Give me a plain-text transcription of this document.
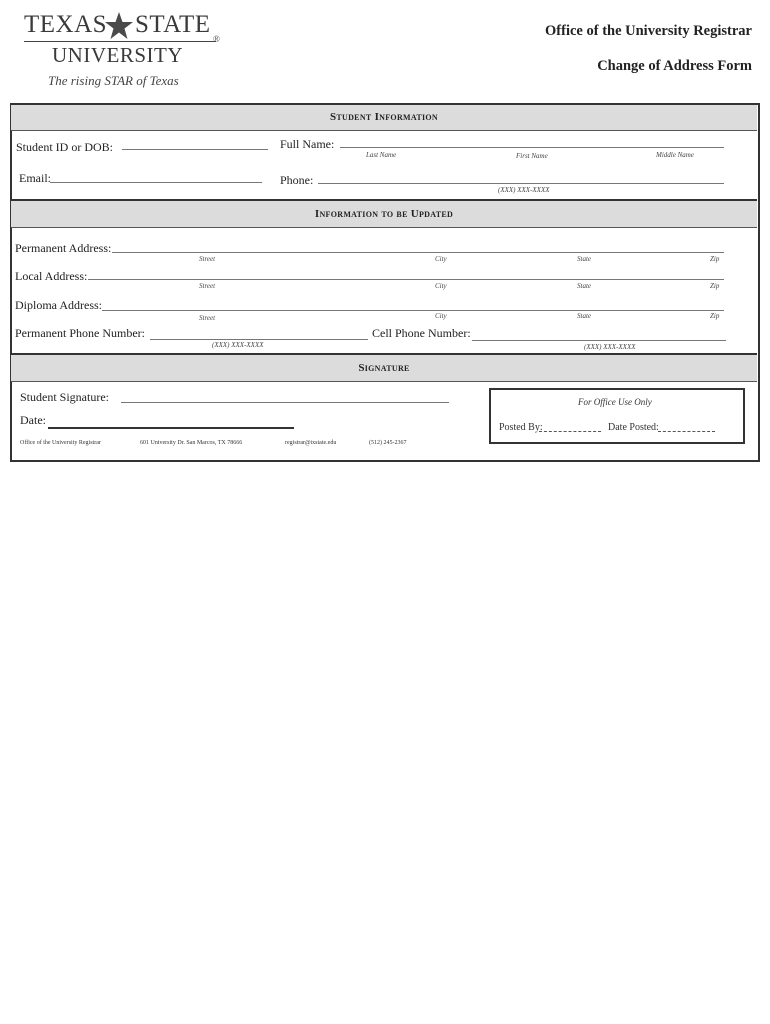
TEXAS STATE
®
UNIVERSITY
The rising STAR of Texas
Office of the University Registrar
Change of Address Form
Student Information
Student ID or DOB:	Full Name:
Last Name	First Name	Middle Name
Email:	Phone:
(XXX) XXX-XXXX
Information to be Updated
Permanent Address:
Street	City	State	Zip
Local Address:
Street	City	State	Zip
Diploma Address:
Street	City	State	Zip
Permanent Phone Number:
(XXX) XXX-XXXX
Cell Phone Number:
(XXX) XXX-XXXX
Signature
Student Signature:
Date:
For Office Use Only
Posted By:	Date Posted:
Office of the University Registrar	601 University Dr. San Marcos, TX 78666	registrar@txstate.edu	(512) 245-2367
